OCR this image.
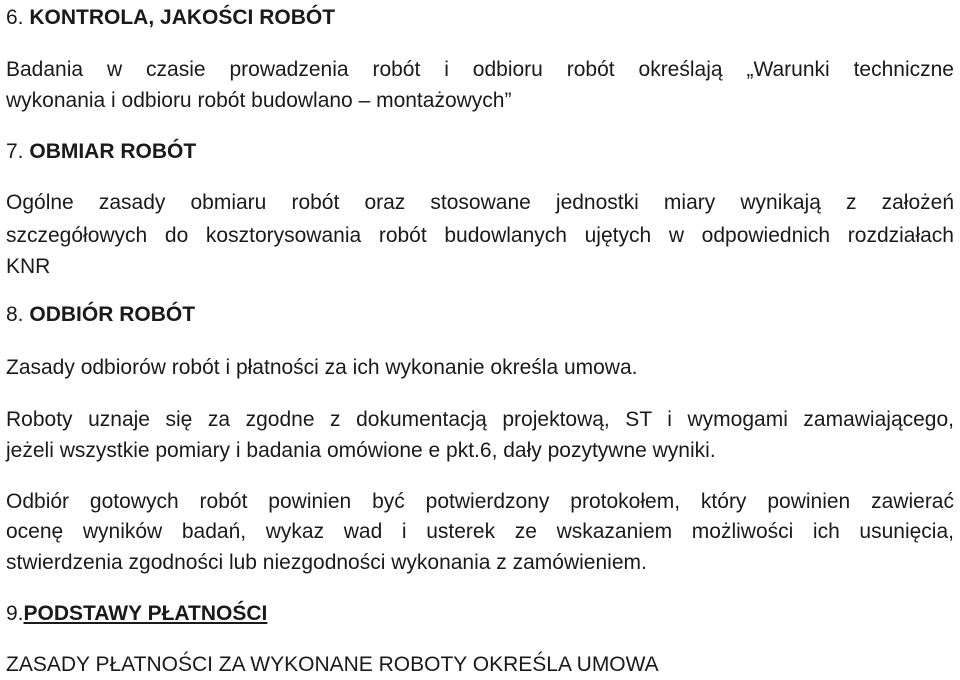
6. KONTROLA, JAKOŚCI ROBÓT
Badania w czasie prowadzenia robót i odbioru robót określają „Warunki techniczne
wykonania i odbioru robót budowlano – montażowych”
7. OBMIAR ROBÓT
Ogólne zasady obmiaru robót oraz stosowane jednostki miary wynikają z założeń
szczegółowych do kosztorysowania robót budowlanych ujętych w odpowiednich rozdziałach
KNR
8. ODBIÓR ROBÓT
Zasady odbiorów robót i płatności za ich wykonanie określa umowa.
Roboty uznaje się za zgodne z dokumentacją projektową, ST i wymogami zamawiającego,
jeżeli wszystkie pomiary i badania omówione e pkt.6, dały pozytywne wyniki.
Odbiór gotowych robót powinien być potwierdzony protokołem, który powinien zawierać
ocenę wyników badań, wykaz wad i usterek ze wskazaniem możliwości ich usunięcia,
stwierdzenia zgodności lub niezgodności wykonania z zamówieniem.
9.PODSTAWY PŁATNOŚCI
ZASADY PŁATNOŚCI ZA WYKONANE ROBOTY OKREŚLA UMOWA
